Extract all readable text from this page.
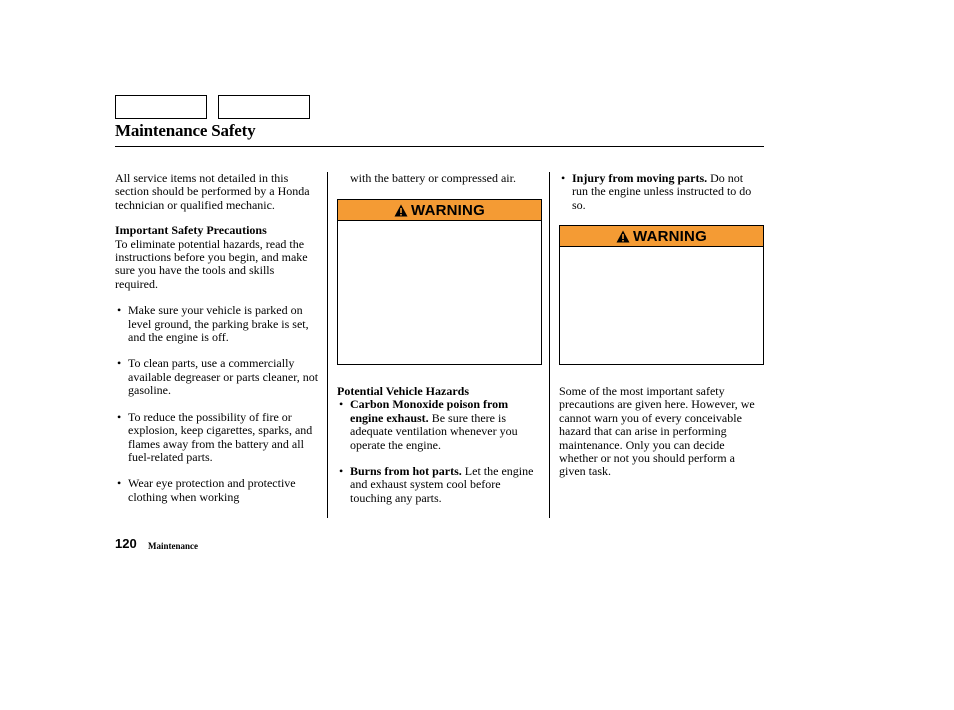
Maintenance Safety

All service items not detailed in this section should be performed by a Honda technician or qualified mechanic.

Important Safety Precautions

To eliminate potential hazards, read the instructions before you begin, and make sure you have the tools and skills required.

• Make sure your vehicle is parked on level ground, the parking brake is set, and the engine is off.

• To clean parts, use a commercially available degreaser or parts cleaner, not gasoline.

• To reduce the possibility of fire or explosion, keep cigarettes, sparks, and flames away from the battery and all fuel-related parts.

• Wear eye protection and protective clothing when working

with the battery or compressed air.

WARNING

Potential Vehicle Hazards

• Carbon Monoxide poison from engine exhaust. Be sure there is adequate ventilation whenever you operate the engine.

• Burns from hot parts. Let the engine and exhaust system cool before touching any parts.

• Injury from moving parts. Do not run the engine unless instructed to do so.

WARNING

Some of the most important safety precautions are given here. However, we cannot warn you of every conceivable hazard that can arise in performing maintenance. Only you can decide whether or not you should perform a given task.

120 Maintenance
